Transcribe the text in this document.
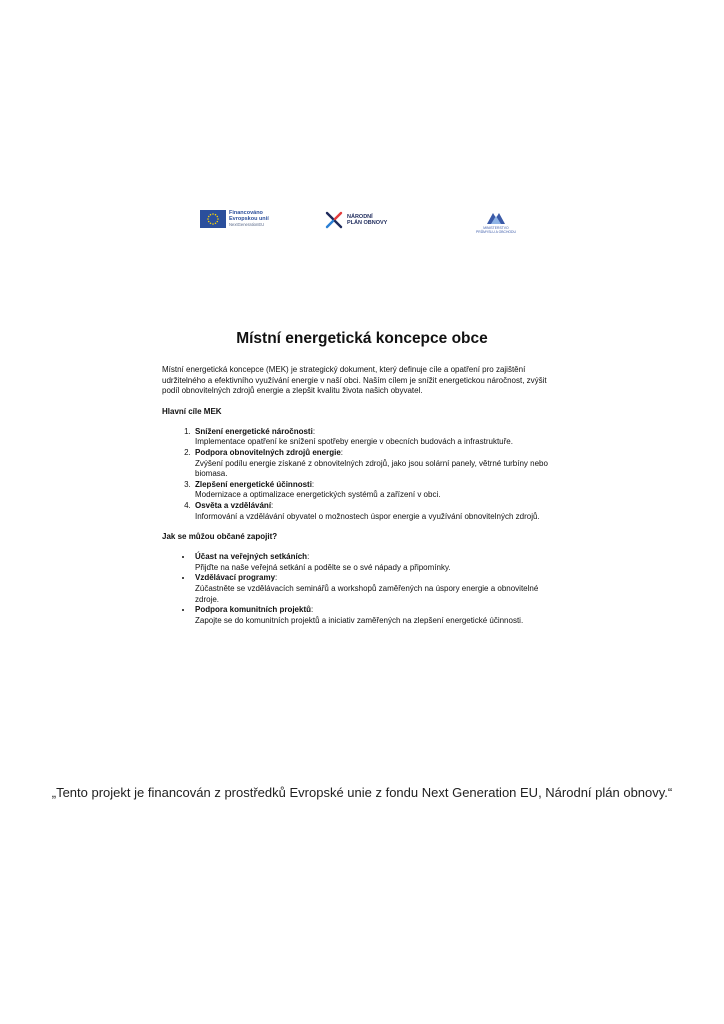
Financováno
Evropskou unií
NextGenerationEU
NÁRODNÍ
PLÁN OBNOVY
MINISTERSTVO
PRŮMYSLU A OBCHODU
Místní energetická koncepce obce

Místní energetická koncepce (MEK) je strategický dokument, který definuje cíle a opatření pro zajištění udržitelného a efektivního využívání energie v naší obci. Naším cílem je snížit energetickou náročnost, zvýšit podíl obnovitelných zdrojů energie a zlepšit kvalitu života našich obyvatel.

Hlavní cíle MEK
1. Snížení energetické náročnosti:
Implementace opatření ke snížení spotřeby energie v obecních budovách a infrastruktuře.
2. Podpora obnovitelných zdrojů energie:
Zvýšení podílu energie získané z obnovitelných zdrojů, jako jsou solární panely, větrné turbíny nebo biomasa.
3. Zlepšení energetické účinnosti:
Modernizace a optimalizace energetických systémů a zařízení v obci.
4. Osvěta a vzdělávání:
Informování a vzdělávání obyvatel o možnostech úspor energie a využívání obnovitelných zdrojů.
Jak se můžou občané zapojit?
• Účast na veřejných setkáních:
Přijďte na naše veřejná setkání a podělte se o své nápady a připomínky.
• Vzdělávací programy:
Zúčastněte se vzdělávacích seminářů a workshopů zaměřených na úspory energie a obnovitelné zdroje.
• Podpora komunitních projektů:
Zapojte se do komunitních projektů a iniciativ zaměřených na zlepšení energetické účinnosti.

„Tento projekt je financován z prostředků Evropské unie z fondu Next Generation EU, Národní plán obnovy.“
